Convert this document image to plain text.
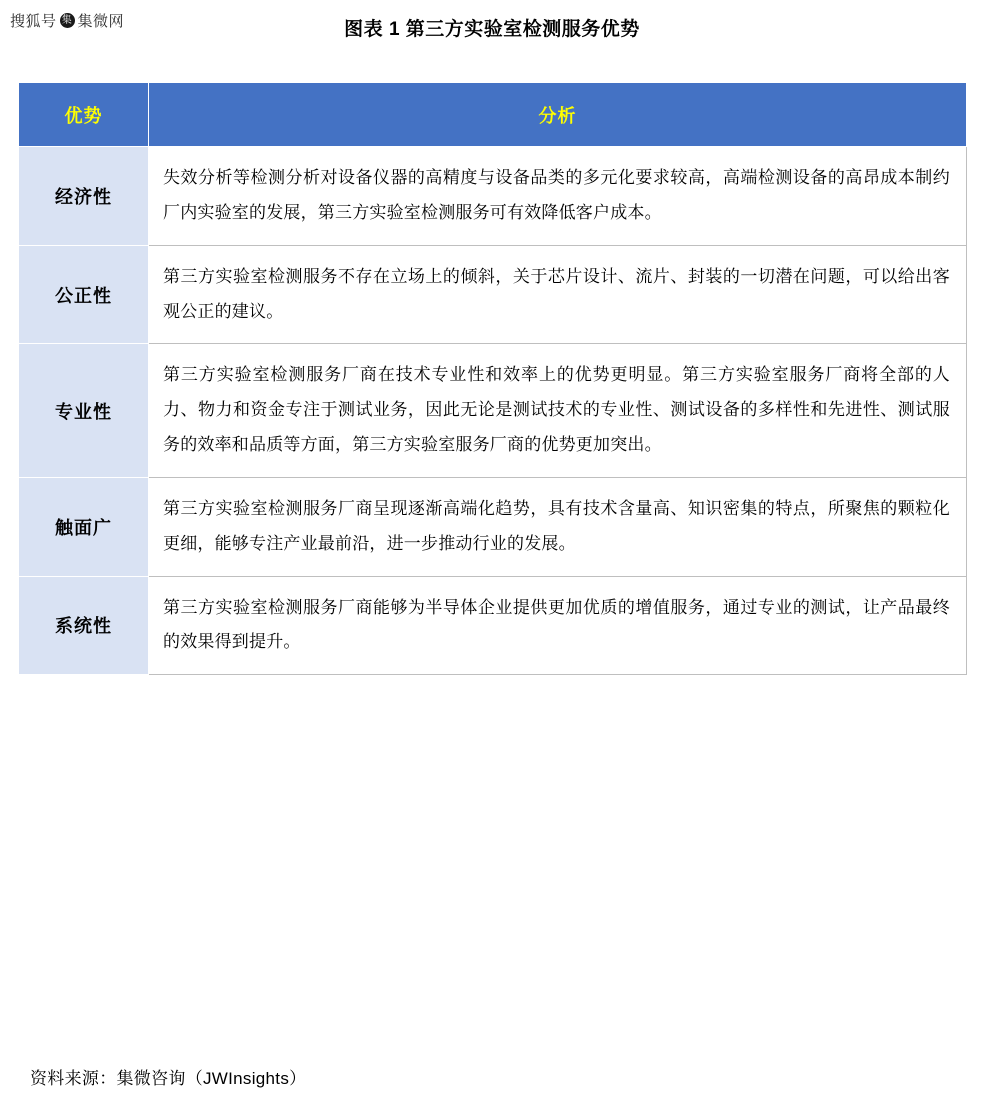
搜狐号 集 集微网	图表 1 第三方实验室检测服务优势
优势	分析
经济性	失效分析等检测分析对设备仪器的高精度与设备品类的多元化要求较高，高端检测设备的高昂成本制约厂内实验室的发展，第三方实验室检测服务可有效降低客户成本。
公正性	第三方实验室检测服务不存在立场上的倾斜，关于芯片设计、流片、封装的一切潜在问题，可以给出客观公正的建议。
专业性	第三方实验室检测服务厂商在技术专业性和效率上的优势更明显。第三方实验室服务厂商将全部的人力、物力和资金专注于测试业务，因此无论是测试技术的专业性、测试设备的多样性和先进性、测试服务的效率和品质等方面，第三方实验室服务厂商的优势更加突出。
触面广	第三方实验室检测服务厂商呈现逐渐高端化趋势，具有技术含量高、知识密集的特点，所聚焦的颗粒化更细，能够专注产业最前沿，进一步推动行业的发展。
系统性	第三方实验室检测服务厂商能够为半导体企业提供更加优质的增值服务，通过专业的测试，让产品最终的效果得到提升。
资料来源：集微咨询（JWInsights）
